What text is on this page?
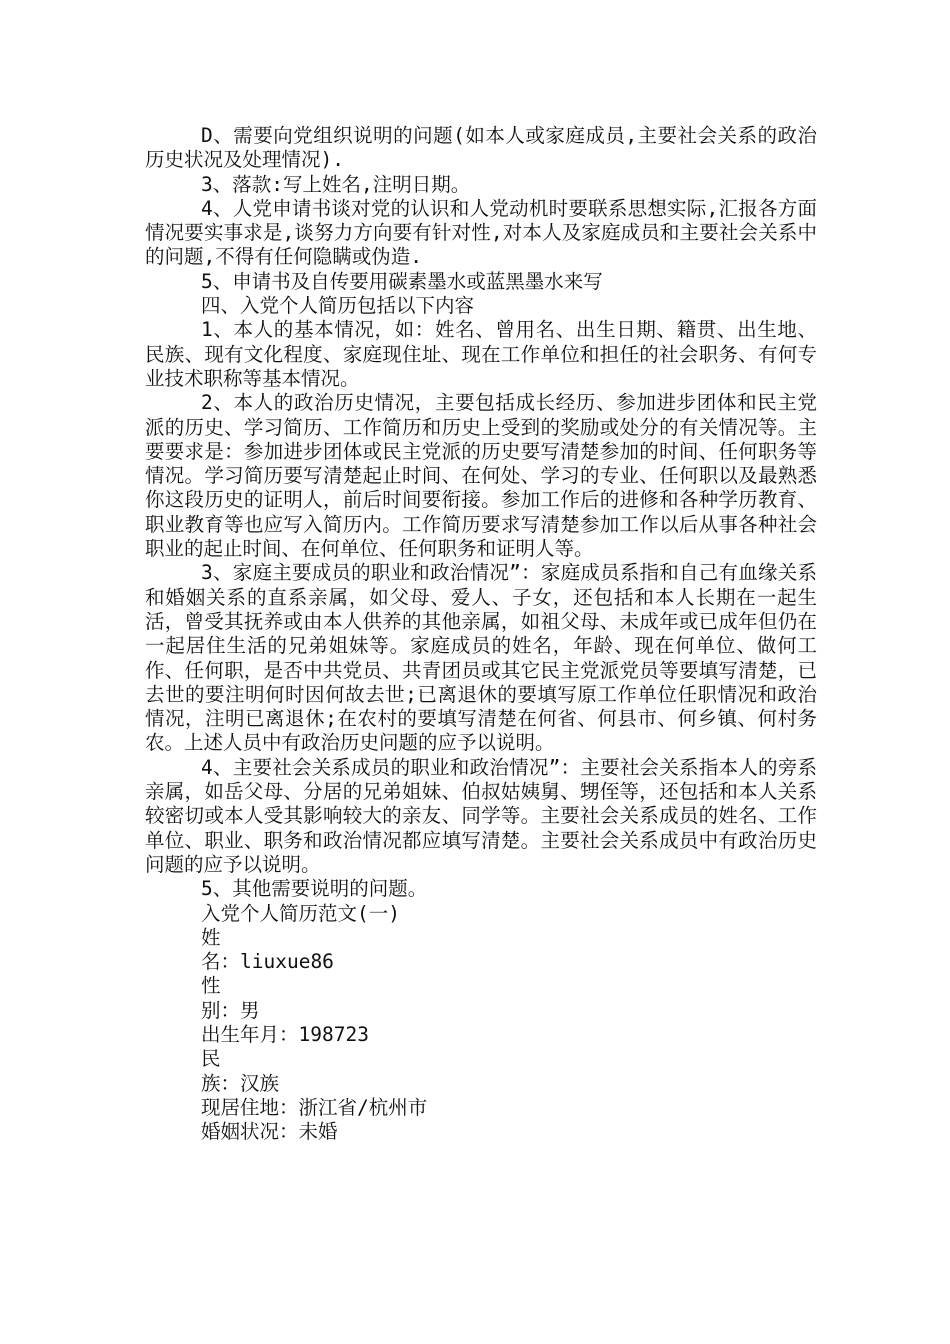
D、需要向党组织说明的问题(如本人或家庭成员,主要社会关系的政治历史状况及处理情况).

3、落款:写上姓名,注明日期。

4、人党申请书谈对党的认识和人党动机时要联系思想实际,汇报各方面情况要实事求是,谈努力方向要有针对性,对本人及家庭成员和主要社会关系中的问题,不得有任何隐瞒或伪造.

5、申请书及自传要用碳素墨水或蓝黑墨水来写

四、入党个人简历包括以下内容

1、本人的基本情况，如：姓名、曾用名、出生日期、籍贯、出生地、民族、现有文化程度、家庭现住址、现在工作单位和担任的社会职务、有何专业技术职称等基本情况。

2、本人的政治历史情况，主要包括成长经历、参加进步团体和民主党派的历史、学习简历、工作简历和历史上受到的奖励或处分的有关情况等。主要要求是：参加进步团体或民主党派的历史要写清楚参加的时间、任何职务等情况。学习简历要写清楚起止时间、在何处、学习的专业、任何职以及最熟悉你这段历史的证明人，前后时间要衔接。参加工作后的进修和各种学历教育、职业教育等也应写入简历内。工作简历要求写清楚参加工作以后从事各种社会职业的起止时间、在何单位、任何职务和证明人等。

3、家庭主要成员的职业和政治情况”：家庭成员系指和自己有血缘关系和婚姻关系的直系亲属，如父母、爱人、子女，还包括和本人长期在一起生活，曾受其抚养或由本人供养的其他亲属，如祖父母、未成年或已成年但仍在一起居住生活的兄弟姐妹等。家庭成员的姓名，年龄、现在何单位、做何工作、任何职，是否中共党员、共青团员或其它民主党派党员等要填写清楚，已去世的要注明何时因何故去世;已离退休的要填写原工作单位任职情况和政治情况，注明已离退休;在农村的要填写清楚在何省、何县市、何乡镇、何村务农。上述人员中有政治历史问题的应予以说明。

4、主要社会关系成员的职业和政治情况”：主要社会关系指本人的旁系亲属，如岳父母、分居的兄弟姐妹、伯叔姑姨舅、甥侄等，还包括和本人关系较密切或本人受其影响较大的亲友、同学等。主要社会关系成员的姓名、工作单位、职业、职务和政治情况都应填写清楚。主要社会关系成员中有政治历史问题的应予以说明。

5、其他需要说明的问题。

入党个人简历范文(一)

姓

名：liuxue86

性

别：男

出生年月：198723

民

族：汉族

现居住地：浙江省/杭州市

婚姻状况：未婚
